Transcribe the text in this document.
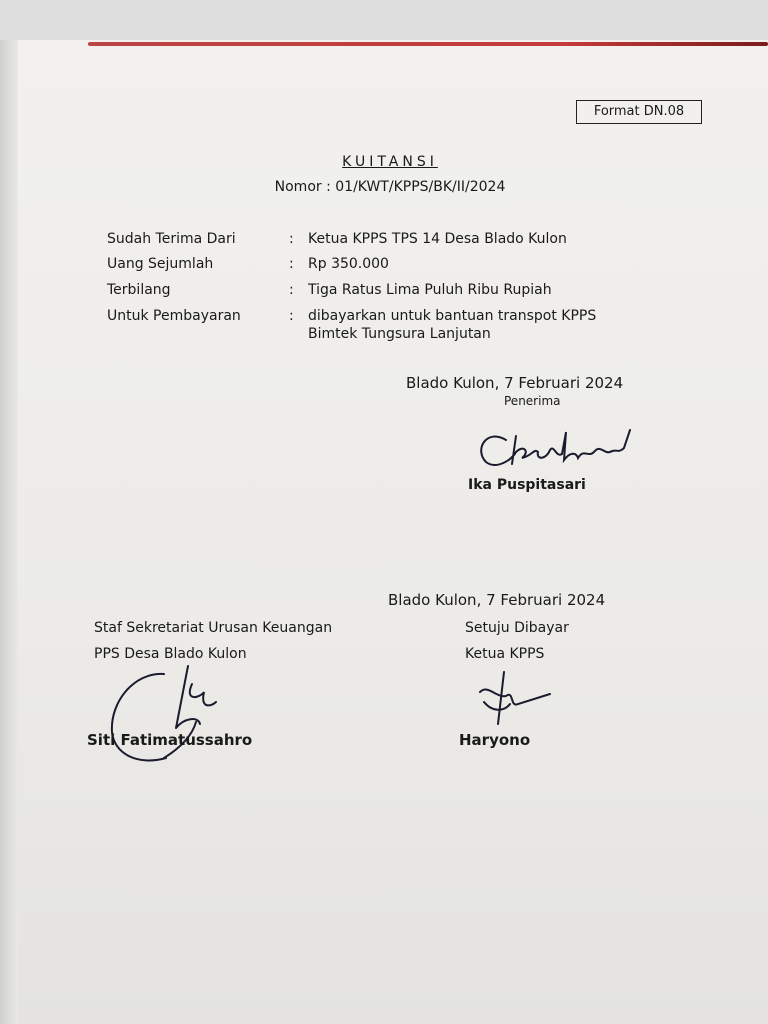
Format DN.08
KUITANSI
Nomor : 01/KWT/KPPS/BK/II/2024
Sudah Terima Dari	: Ketua KPPS TPS 14 Desa Blado Kulon
Uang Sejumlah	: Rp 350.000
Terbilang	: Tiga Ratus Lima Puluh Ribu Rupiah
Untuk Pembayaran	: dibayarkan untuk bantuan transpot KPPS
Bimtek Tungsura Lanjutan
Blado Kulon, 7 Februari 2024
Penerima
Ika Puspitasari
Blado Kulon, 7 Februari 2024
Staf Sekretariat Urusan Keuangan
PPS Desa Blado Kulon
Setuju Dibayar
Ketua KPPS
Siti Fatimatussahro	Haryono
